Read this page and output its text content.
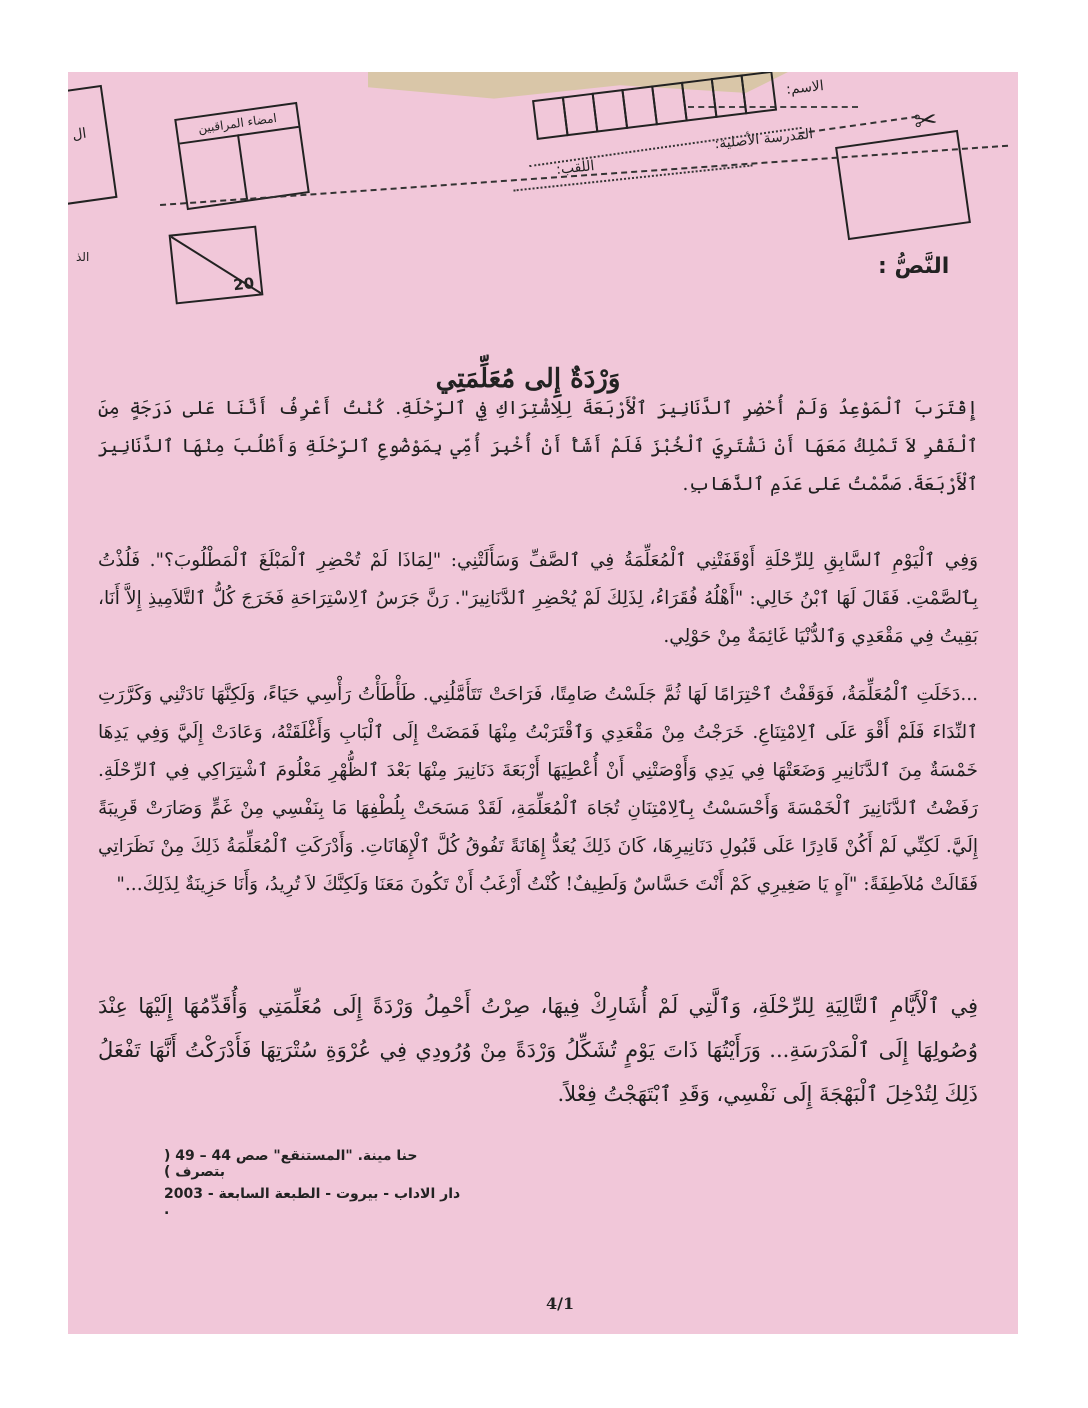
الاسم:
✂
المدرسة الأصلية:
اللقب:
امضاء المراقبين
ال
الذ
20
النَّصُّ :
وَرْدَةٌ إِلى مُعَلِّمَتِي
إِقْتَرَبَ ٱلْمَوْعِدُ وَلَمْ أُحْضِرِ ٱلدَّنَانِيرَ ٱلْأَرْبَعَةَ لِلِاشْتِرَاكِ فِي ٱلرِّحْلَةِ. كُنْتُ أَعْرِفُ أَنَّنَا عَلى دَرَجَةٍ مِنَ ٱلْفَقْرِ لاَ تَمْلِكُ مَعَهَا أَنْ نَشْتَرِيَ ٱلْخُبْزَ فَلَمْ أَشَأْ أَنْ أُخْبِرَ أُمِّي بِمَوْضُوعِ ٱلرِّحْلَةِ وَأَطْلُبَ مِنْهَا ٱلدَّنَانِيرَ ٱلْأَرْبَعَةَ. صَمَّمْتُ عَلى عَدَمِ ٱلذَّهَابِ.
وَفِي ٱلْيَوْمِ ٱلسَّابِقِ لِلرِّحْلَةِ أَوْقَفَتْنِي ٱلْمُعَلِّمَةُ فِي ٱلصَّفِّ وَسَأَلَتْنِي: "لِمَاذَا لَمْ تُحْضِرِ ٱلْمَبْلَغَ ٱلْمَطْلُوبَ؟". فَلُذْتُ بِٱلصَّمْتِ. فَقَالَ لَهَا ٱبْنُ خَالِي: "أَهْلُهُ فُقَرَاءُ، لِذَلِكَ لَمْ يُحْضِرِ ٱلدَّنَانِيرَ". رَنَّ جَرَسُ ٱلِاسْتِرَاحَةِ فَخَرَجَ كُلُّ ٱلتَّلاَمِيذِ إِلاَّ أَنَا، بَقِيتُ فِي مَقْعَدِي وَٱلدُّنْيَا غَائِمَةٌ مِنْ حَوْلِي.
...دَخَلَتِ ٱلْمُعَلِّمَةُ، فَوَقَفْتُ ٱحْتِرَامًا لَهَا ثُمَّ جَلَسْتُ صَامِتًا، فَرَاحَتْ تَتَأَمَّلُنِي. طَأْطَأْتُ رَأْسِي حَيَاءً، وَلَكِنَّهَا نَادَتْنِي وَكَرَّرَتِ ٱلنِّدَاءَ فَلَمْ أَقْوَ عَلَى ٱلِامْتِنَاعِ. خَرَجْتُ مِنْ مَقْعَدِي وَٱقْتَرَبْتُ مِنْهَا فَمَضَتْ إِلَى ٱلْبَابِ وَأَغْلَقَتْهُ، وَعَادَتْ إِلَيَّ وَفِي يَدِهَا خَمْسَةٌ مِنَ ٱلدَّنَانِيرِ وَضَعَتْهَا فِي يَدِي وَأَوْصَتْنِي أَنْ أُعْطِيَهَا أَرْبَعَةَ دَنَانِيرَ مِنْهَا بَعْدَ ٱلظُّهْرِ مَعْلُومَ ٱشْتِرَاكِي فِي ٱلرِّحْلَةِ. رَفَضْتُ ٱلدَّنَانِيرَ ٱلْخَمْسَةَ وَأَحْسَسْتُ بِٱلِامْتِنَانِ تُجَاهَ ٱلْمُعَلِّمَةِ، لَقَدْ مَسَحَتْ بِلُطْفِهَا مَا بِنَفْسِي مِنْ غَمٍّ وَصَارَتْ قَرِيبَةً إِلَيَّ. لَكِنِّي لَمْ أَكُنْ قَادِرًا عَلَى قَبُولِ دَنَانِيرِهَا، كَانَ ذَلِكَ يُعَدُّ إِهَانَةً تَفُوقُ كُلَّ ٱلْإِهَانَاتِ. وَأَدْرَكَتِ ٱلْمُعَلِّمَةُ ذَلِكَ مِنْ نَظَرَاتِي فَقَالَتْ مُلاَطِفَةً: "آهٍ يَا صَغِيرِي كَمْ أَنْتَ حَسَّاسٌ وَلَطِيفٌ! كُنْتُ أَرْغَبُ أَنْ تَكُونَ مَعَنَا وَلَكِنَّكَ لاَ تُرِيدُ، وَأَنَا حَزِينَةٌ لِذَلِكَ..."
فِي ٱلْأَيَّامِ ٱلتَّالِيَةِ لِلرِّحْلَةِ، وَٱلَّتِي لَمْ أُشَارِكْ فِيهَا، صِرْتُ أَحْمِلُ وَرْدَةً إِلَى مُعَلِّمَتِي وَأُقَدِّمُهَا إِلَيْهَا عِنْدَ وُصُولِهَا إِلَى ٱلْمَدْرَسَةِ... وَرَأَيْتُهَا ذَاتَ يَوْمٍ تُشَكِّلُ وَرْدَةً مِنْ وُرُودِي فِي عُرْوَةِ سُتْرَتِهَا فَأَدْرَكْتُ أَنَّهَا تَفْعَلُ ذَلِكَ لِتُدْخِلَ ٱلْبَهْجَةَ إِلَى نَفْسِي، وَقَدِ ٱبْتَهَجْتُ فِعْلاً.
حنا مينة. "المستنقع" صص 44 – 49 ( بتصرف )
دار الاداب - بيروت - الطبعة السابعة - 2003 .
4/1
